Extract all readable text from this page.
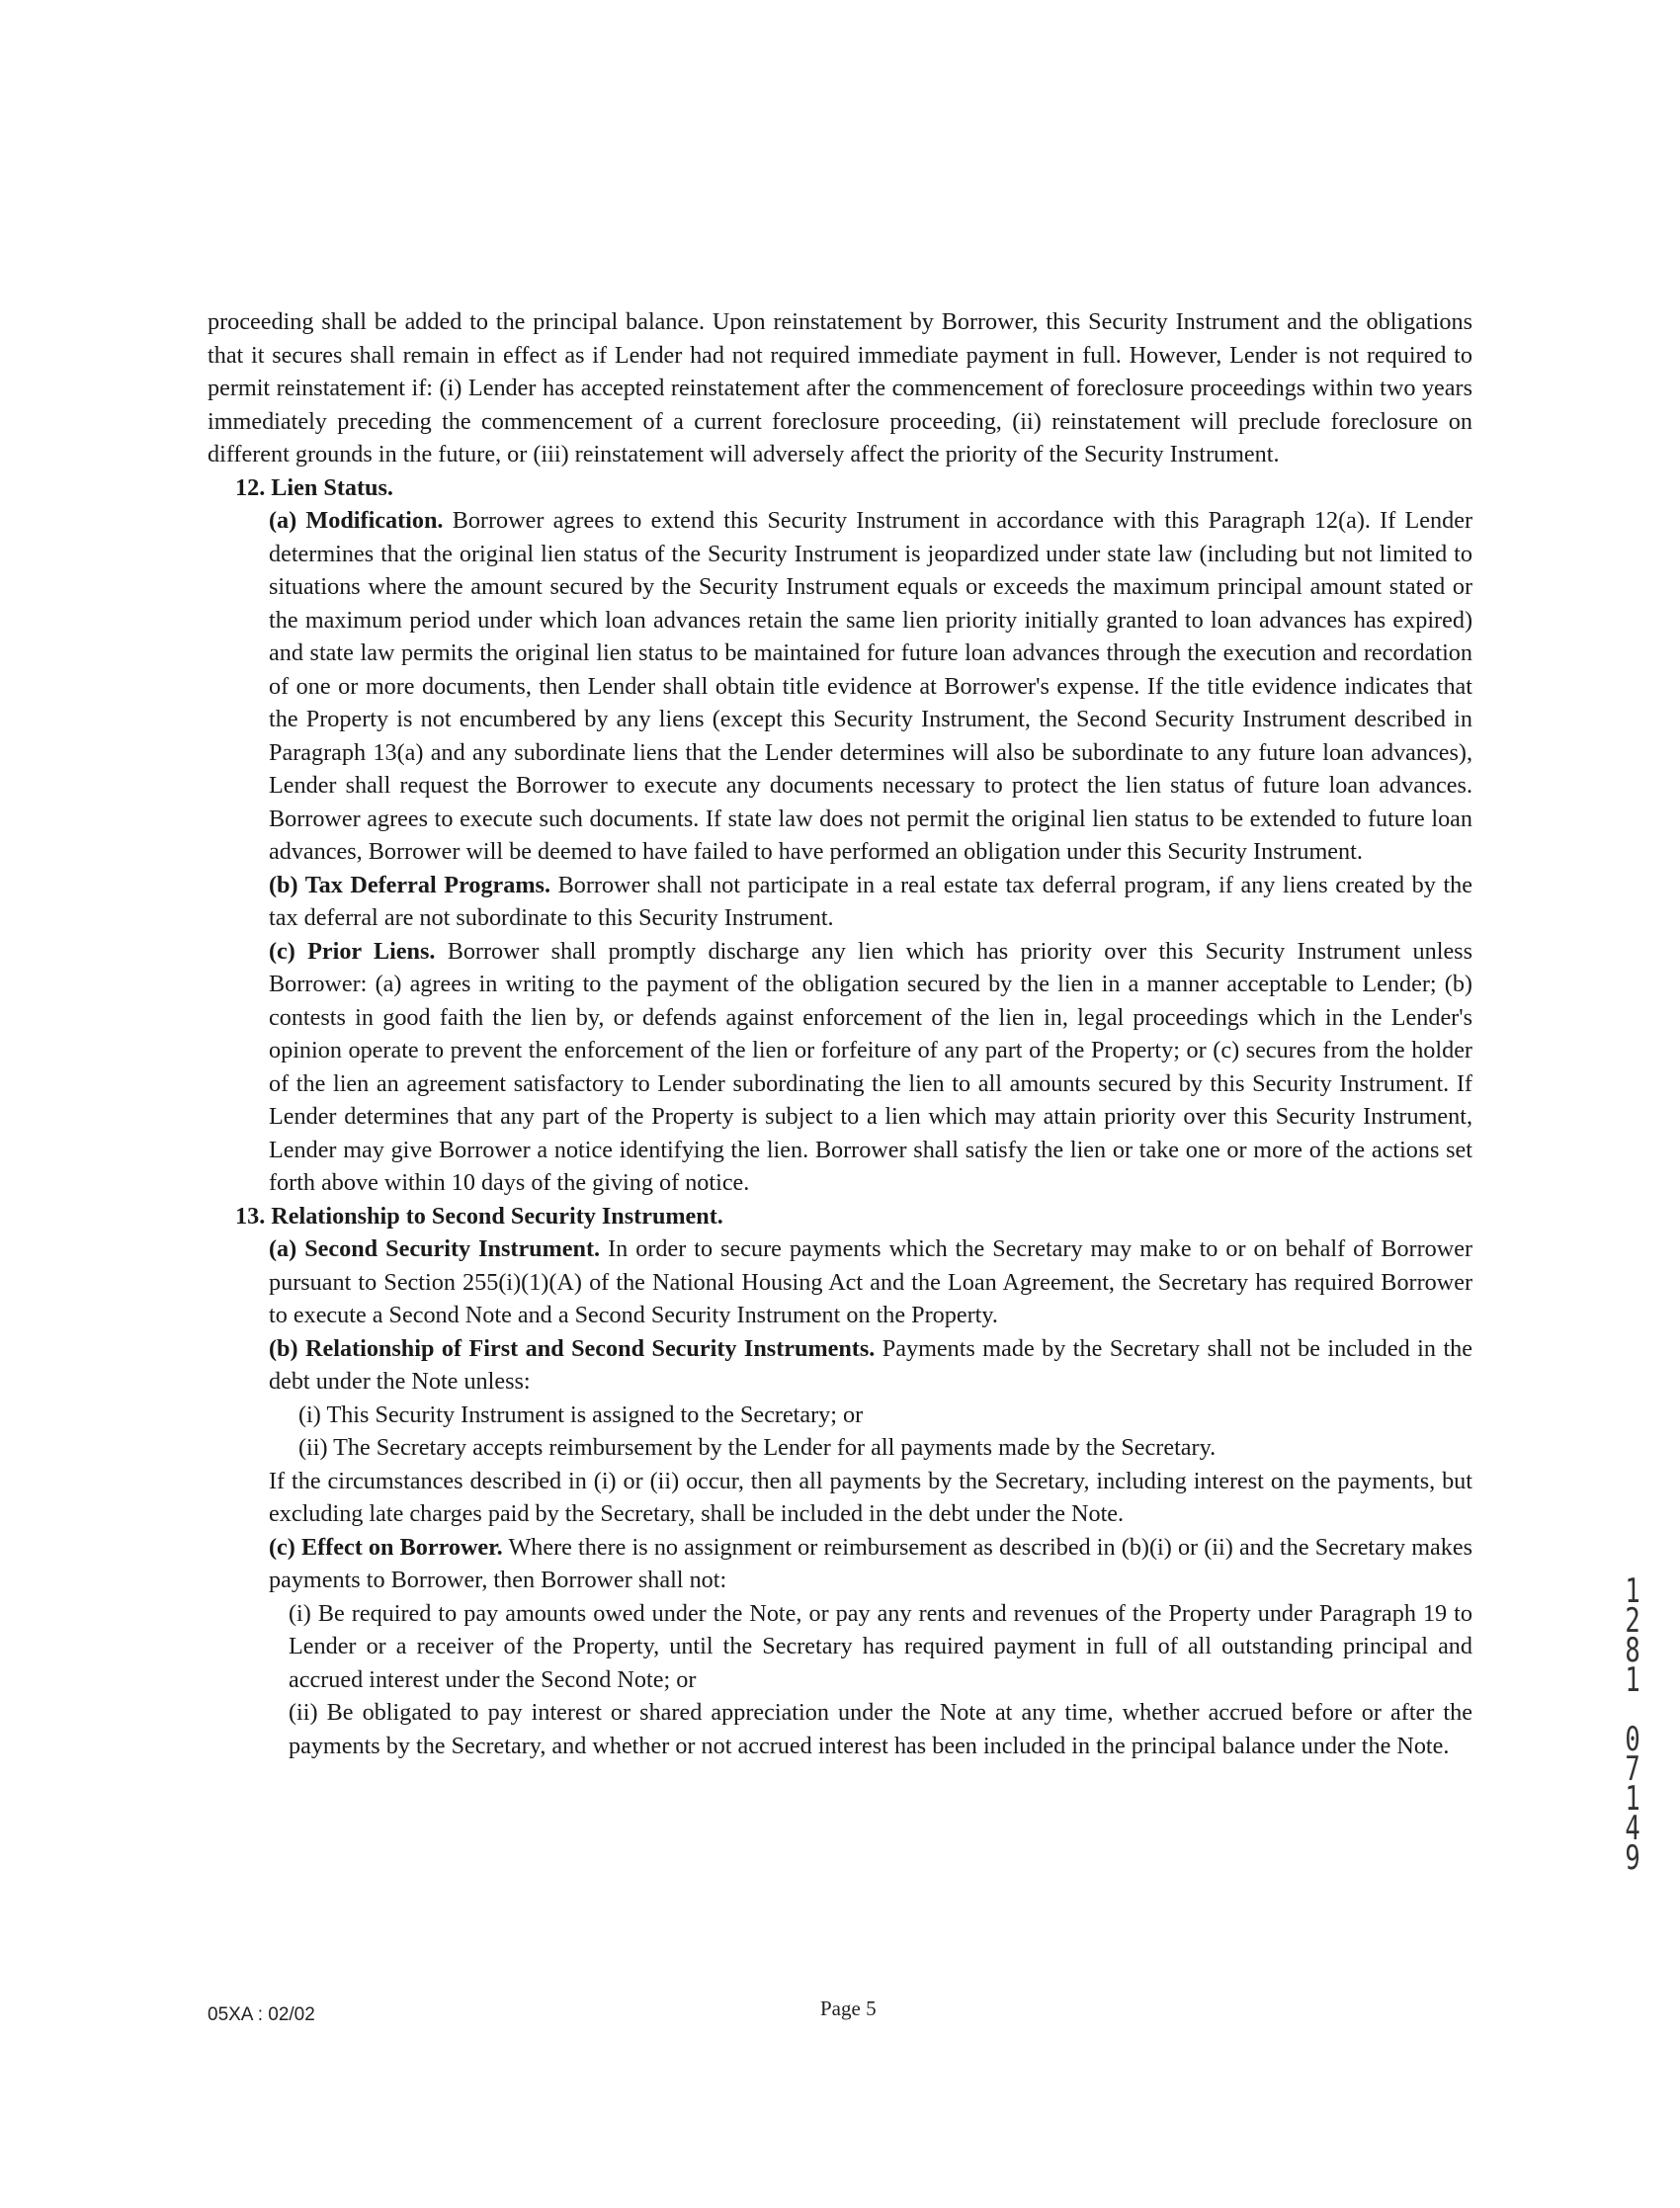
proceeding shall be added to the principal balance. Upon reinstatement by Borrower, this Security Instrument and the obligations that it secures shall remain in effect as if Lender had not required immediate payment in full. However, Lender is not required to permit reinstatement if: (i) Lender has accepted reinstatement after the commencement of foreclosure proceedings within two years immediately preceding the commencement of a current foreclosure proceeding, (ii) reinstatement will preclude foreclosure on different grounds in the future, or (iii) reinstatement will adversely affect the priority of the Security Instrument.

12. Lien Status.

(a) Modification. Borrower agrees to extend this Security Instrument in accordance with this Paragraph 12(a). If Lender determines that the original lien status of the Security Instrument is jeopardized under state law (including but not limited to situations where the amount secured by the Security Instrument equals or exceeds the maximum principal amount stated or the maximum period under which loan advances retain the same lien priority initially granted to loan advances has expired) and state law permits the original lien status to be maintained for future loan advances through the execution and recordation of one or more documents, then Lender shall obtain title evidence at Borrower's expense. If the title evidence indicates that the Property is not encumbered by any liens (except this Security Instrument, the Second Security Instrument described in Paragraph 13(a) and any subordinate liens that the Lender determines will also be subordinate to any future loan advances), Lender shall request the Borrower to execute any documents necessary to protect the lien status of future loan advances. Borrower agrees to execute such documents. If state law does not permit the original lien status to be extended to future loan advances, Borrower will be deemed to have failed to have performed an obligation under this Security Instrument.

(b) Tax Deferral Programs. Borrower shall not participate in a real estate tax deferral program, if any liens created by the tax deferral are not subordinate to this Security Instrument.

(c) Prior Liens. Borrower shall promptly discharge any lien which has priority over this Security Instrument unless Borrower: (a) agrees in writing to the payment of the obligation secured by the lien in a manner acceptable to Lender; (b) contests in good faith the lien by, or defends against enforcement of the lien in, legal proceedings which in the Lender's opinion operate to prevent the enforcement of the lien or forfeiture of any part of the Property; or (c) secures from the holder of the lien an agreement satisfactory to Lender subordinating the lien to all amounts secured by this Security Instrument. If Lender determines that any part of the Property is subject to a lien which may attain priority over this Security Instrument, Lender may give Borrower a notice identifying the lien. Borrower shall satisfy the lien or take one or more of the actions set forth above within 10 days of the giving of notice.

13. Relationship to Second Security Instrument.

(a) Second Security Instrument. In order to secure payments which the Secretary may make to or on behalf of Borrower pursuant to Section 255(i)(1)(A) of the National Housing Act and the Loan Agreement, the Secretary has required Borrower to execute a Second Note and a Second Security Instrument on the Property.

(b) Relationship of First and Second Security Instruments. Payments made by the Secretary shall not be included in the debt under the Note unless:

(i) This Security Instrument is assigned to the Secretary; or

(ii) The Secretary accepts reimbursement by the Lender for all payments made by the Secretary.

If the circumstances described in (i) or (ii) occur, then all payments by the Secretary, including interest on the payments, but excluding late charges paid by the Secretary, shall be included in the debt under the Note.

(c) Effect on Borrower. Where there is no assignment or reimbursement as described in (b)(i) or (ii) and the Secretary makes payments to Borrower, then Borrower shall not:

(i) Be required to pay amounts owed under the Note, or pay any rents and revenues of the Property under Paragraph 19 to Lender or a receiver of the Property, until the Secretary has required payment in full of all outstanding principal and accrued interest under the Second Note; or

(ii) Be obligated to pay interest or shared appreciation under the Note at any time, whether accrued before or after the payments by the Secretary, and whether or not accrued interest has been included in the principal balance under the Note.

05XA : 02/02	Page 5
1
2
8
1
0
7
1
4
9
